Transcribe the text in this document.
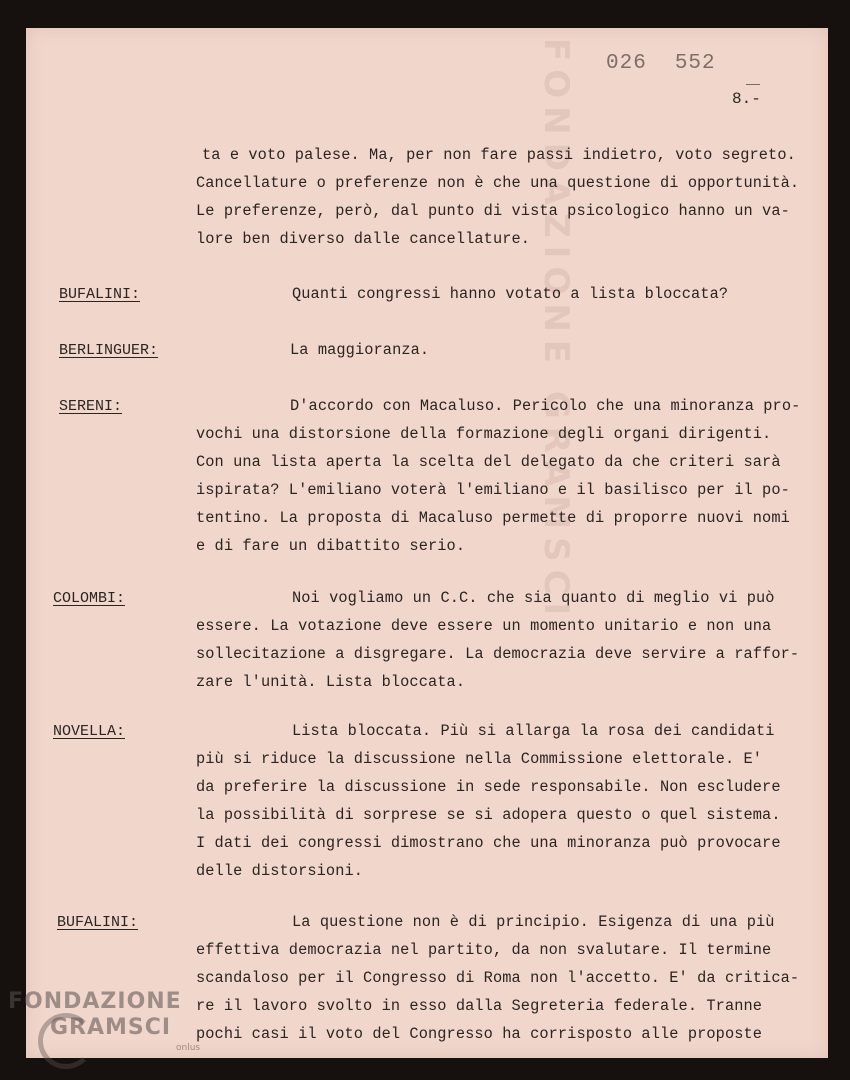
FONDAZIONE GRAMSCI 026 552
8.-
ta e voto palese. Ma, per non fare passi indietro, voto segreto.
Cancellature o preferenze non è che una questione di opportunità.
Le preferenze, però, dal punto di vista psicologico hanno un va-
lore ben diverso dalle cancellature.
BUFALINI:	Quanti congressi hanno votato a lista bloccata?
BERLINGUER:	La maggioranza.
SERENI:	D'accordo con Macaluso. Pericolo che una minoranza pro-
vochi una distorsione della formazione degli organi dirigenti.
Con una lista aperta la scelta del delegato da che criteri sarà
ispirata? L'emiliano voterà l'emiliano e il basilisco per il po-
tentino. La proposta di Macaluso permette di proporre nuovi nomi
e di fare un dibattito serio.
COLOMBI:	Noi vogliamo un C.C. che sia quanto di meglio vi può
essere. La votazione deve essere un momento unitario e non una
sollecitazione a disgregare. La democrazia deve servire a raffor-
zare l'unità. Lista bloccata.
NOVELLA:	Lista bloccata. Più si allarga la rosa dei candidati
più si riduce la discussione nella Commissione elettorale. E'
da preferire la discussione in sede responsabile. Non escludere
la possibilità di sorprese se si adopera questo o quel sistema.
I dati dei congressi dimostrano che una minoranza può provocare
delle distorsioni.
BUFALINI:	La questione non è di principio. Esigenza di una più
effettiva democrazia nel partito, da non svalutare. Il termine
scandaloso per il Congresso di Roma non l'accetto. E' da critica-
re il lavoro svolto in esso dalla Segreteria federale. Tranne
pochi casi il voto del Congresso ha corrisposto alle proposte
FONDAZIONE
GRAMSCI
onlus
